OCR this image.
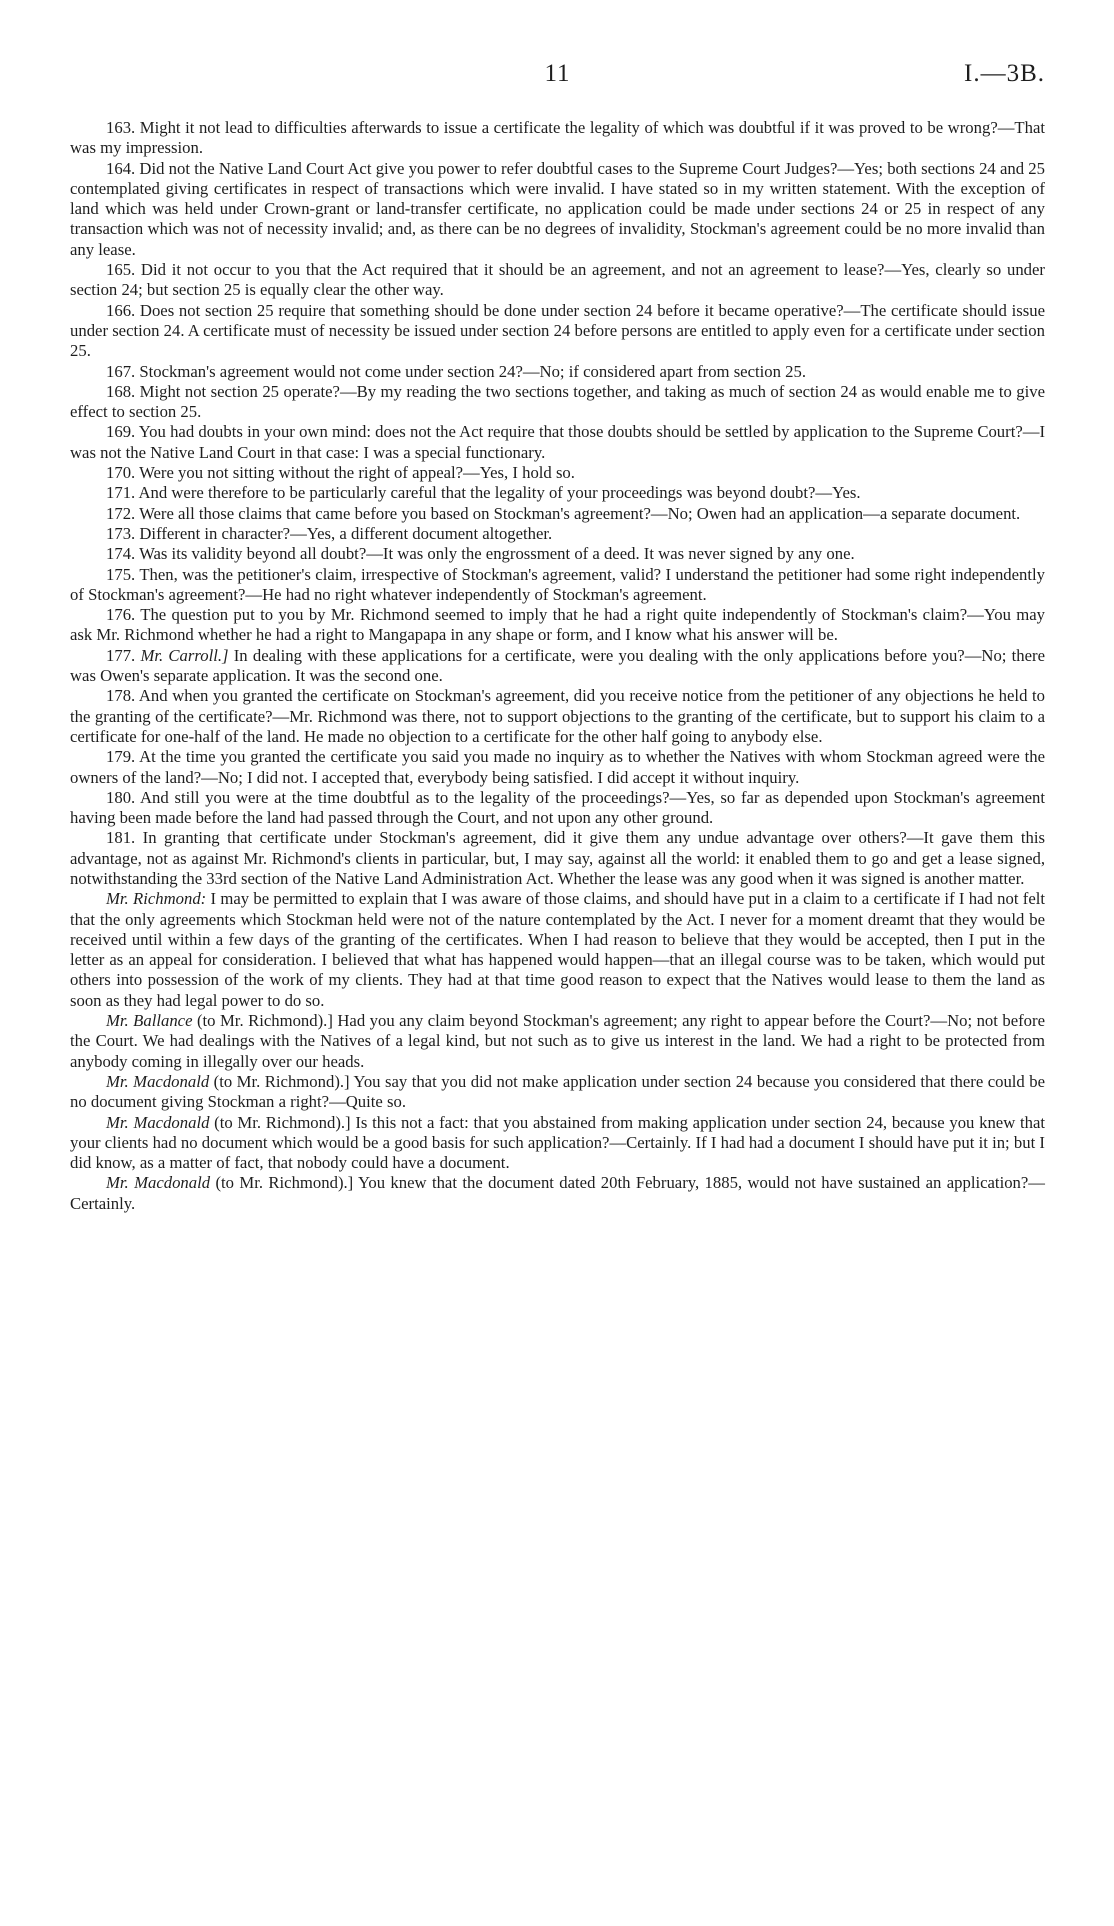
11	I.—3B.

163. Might it not lead to difficulties afterwards to issue a certificate the legality of which was doubtful if it was proved to be wrong?—That was my impression.

164. Did not the Native Land Court Act give you power to refer doubtful cases to the Supreme Court Judges?—Yes; both sections 24 and 25 contemplated giving certificates in respect of transactions which were invalid. I have stated so in my written statement. With the exception of land which was held under Crown-grant or land-transfer certificate, no application could be made under sections 24 or 25 in respect of any transaction which was not of necessity invalid; and, as there can be no degrees of invalidity, Stockman's agreement could be no more invalid than any lease.

165. Did it not occur to you that the Act required that it should be an agreement, and not an agreement to lease?—Yes, clearly so under section 24; but section 25 is equally clear the other way.

166. Does not section 25 require that something should be done under section 24 before it became operative?—The certificate should issue under section 24. A certificate must of necessity be issued under section 24 before persons are entitled to apply even for a certificate under section 25.

167. Stockman's agreement would not come under section 24?—No; if considered apart from section 25.

168. Might not section 25 operate?—By my reading the two sections together, and taking as much of section 24 as would enable me to give effect to section 25.

169. You had doubts in your own mind: does not the Act require that those doubts should be settled by application to the Supreme Court?—I was not the Native Land Court in that case: I was a special functionary.

170. Were you not sitting without the right of appeal?—Yes, I hold so.

171. And were therefore to be particularly careful that the legality of your proceedings was beyond doubt?—Yes.

172. Were all those claims that came before you based on Stockman's agreement?—No; Owen had an application—a separate document.

173. Different in character?—Yes, a different document altogether.

174. Was its validity beyond all doubt?—It was only the engrossment of a deed. It was never signed by any one.

175. Then, was the petitioner's claim, irrespective of Stockman's agreement, valid? I understand the petitioner had some right independently of Stockman's agreement?—He had no right whatever independently of Stockman's agreement.

176. The question put to you by Mr. Richmond seemed to imply that he had a right quite independently of Stockman's claim?—You may ask Mr. Richmond whether he had a right to Mangapapa in any shape or form, and I know what his answer will be.

177. Mr. Carroll.] In dealing with these applications for a certificate, were you dealing with the only applications before you?—No; there was Owen's separate application. It was the second one.

178. And when you granted the certificate on Stockman's agreement, did you receive notice from the petitioner of any objections he held to the granting of the certificate?—Mr. Richmond was there, not to support objections to the granting of the certificate, but to support his claim to a certificate for one-half of the land. He made no objection to a certificate for the other half going to anybody else.

179. At the time you granted the certificate you said you made no inquiry as to whether the Natives with whom Stockman agreed were the owners of the land?—No; I did not. I accepted that, everybody being satisfied. I did accept it without inquiry.

180. And still you were at the time doubtful as to the legality of the proceedings?—Yes, so far as depended upon Stockman's agreement having been made before the land had passed through the Court, and not upon any other ground.

181. In granting that certificate under Stockman's agreement, did it give them any undue advantage over others?—It gave them this advantage, not as against Mr. Richmond's clients in particular, but, I may say, against all the world: it enabled them to go and get a lease signed, notwithstanding the 33rd section of the Native Land Administration Act. Whether the lease was any good when it was signed is another matter.

Mr. Richmond: I may be permitted to explain that I was aware of those claims, and should have put in a claim to a certificate if I had not felt that the only agreements which Stockman held were not of the nature contemplated by the Act. I never for a moment dreamt that they would be received until within a few days of the granting of the certificates. When I had reason to believe that they would be accepted, then I put in the letter as an appeal for consideration. I believed that what has happened would happen—that an illegal course was to be taken, which would put others into possession of the work of my clients. They had at that time good reason to expect that the Natives would lease to them the land as soon as they had legal power to do so.

Mr. Ballance (to Mr. Richmond).] Had you any claim beyond Stockman's agreement; any right to appear before the Court?—No; not before the Court. We had dealings with the Natives of a legal kind, but not such as to give us interest in the land. We had a right to be protected from anybody coming in illegally over our heads.

Mr. Macdonald (to Mr. Richmond).] You say that you did not make application under section 24 because you considered that there could be no document giving Stockman a right?—Quite so.

Mr. Macdonald (to Mr. Richmond).] Is this not a fact: that you abstained from making application under section 24, because you knew that your clients had no document which would be a good basis for such application?—Certainly. If I had had a document I should have put it in; but I did know, as a matter of fact, that nobody could have a document.

Mr. Macdonald (to Mr. Richmond).] You knew that the document dated 20th February, 1885, would not have sustained an application?—Certainly.
